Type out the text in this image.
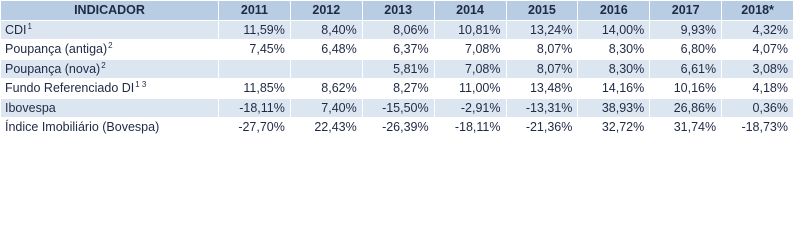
INDICADOR	2011	2012	2013	2014	2015	2016	2017	2018*
CDI$^1$	11,59%	8,40%	8,06%	10,81%	13,24%	14,00%	9,93%	4,32%
Poupança (antiga)$^2$	7,45%	6,48%	6,37%	7,08%	8,07%	8,30%	6,80%	4,07%
Poupança (nova)$^2$			5,81%	7,08%	8,07%	8,30%	6,61%	3,08%
Fundo Referenciado $DI^{1 3}$	11,85%	8,62%	8,27%	11,00%	13,48%	14,16%	10,16%	4,18%
Ibovespa	-18,11%	7,40%	-15,50%	-2,91%	-13,31%	38,93%	26,86%	0,36%
Índice Imobiliário (Bovespa)	-27,70%	22,43%	-26,39%	-18,11%	-21,36%	32,72%	31,74%	-18,73%
